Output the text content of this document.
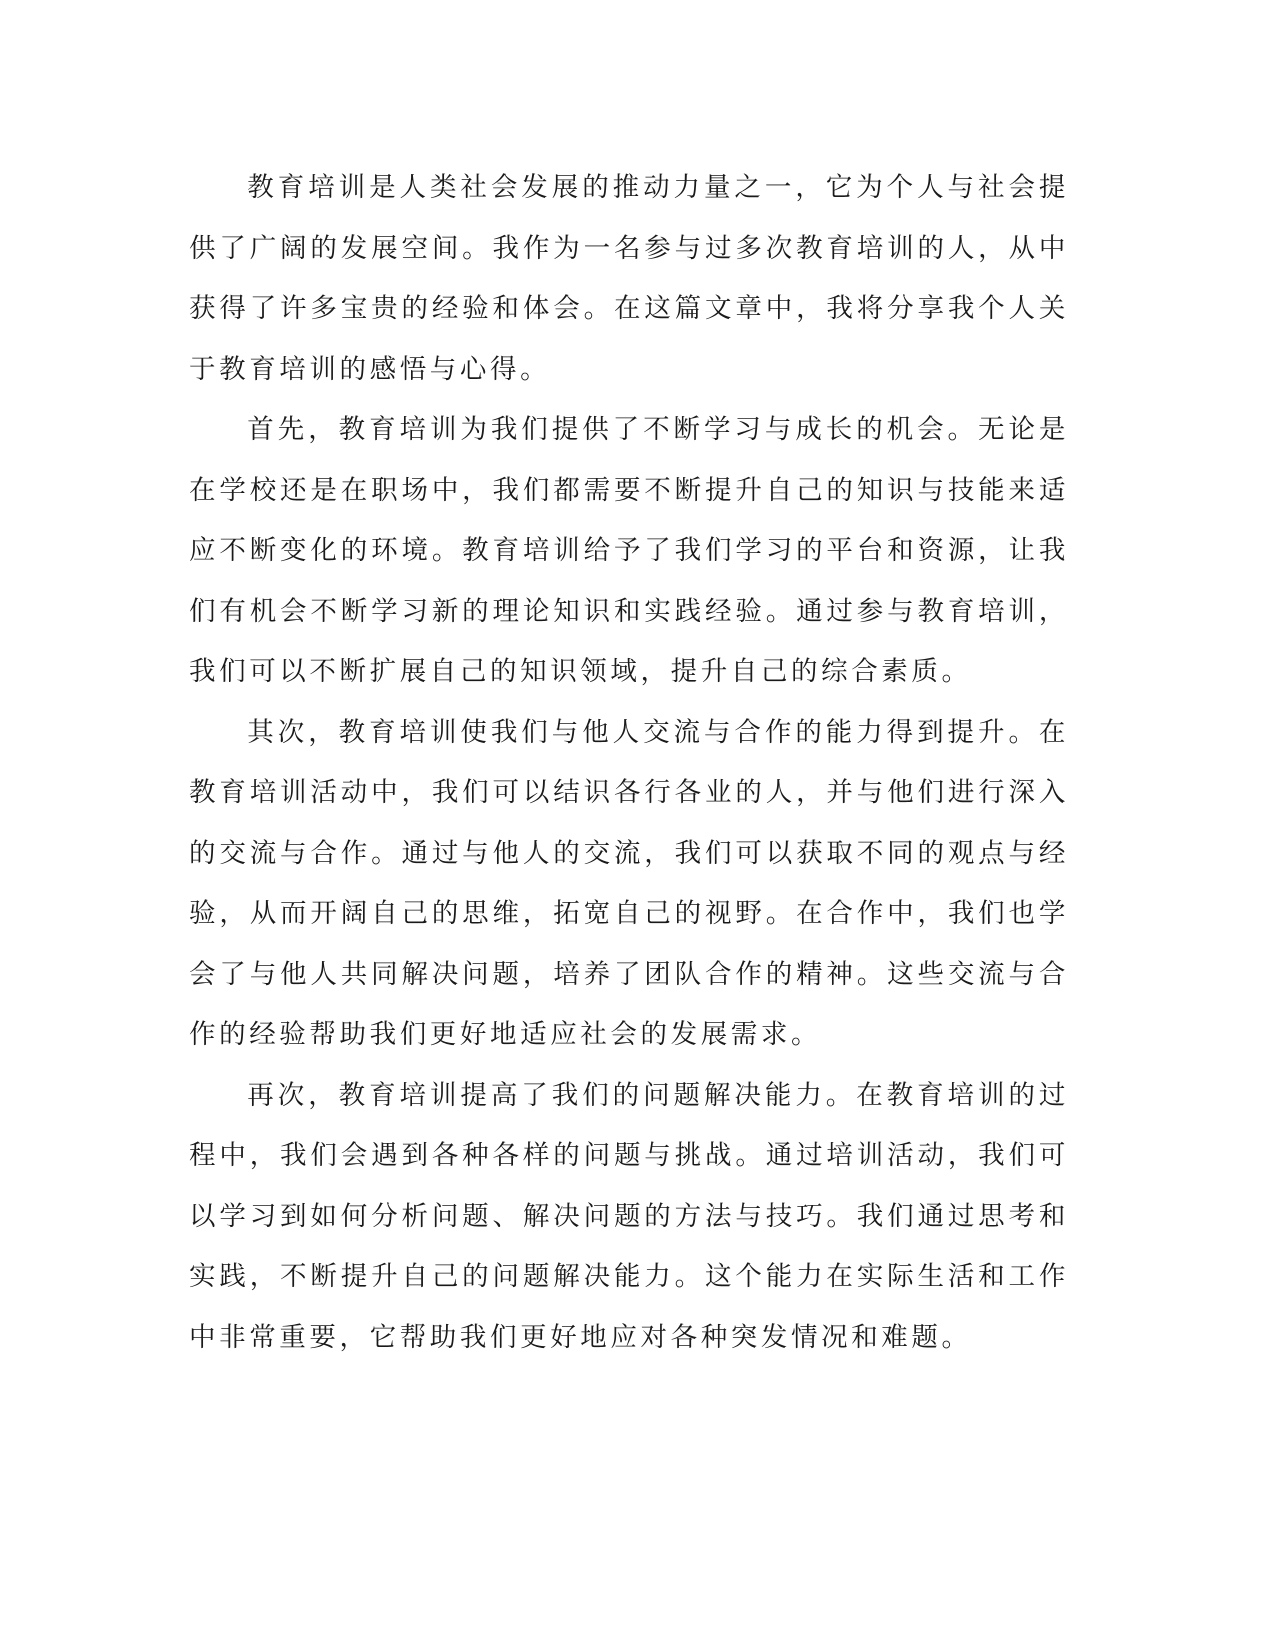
教育培训是人类社会发展的推动力量之一，它为个人与社会提供了广阔的发展空间。我作为一名参与过多次教育培训的人，从中获得了许多宝贵的经验和体会。在这篇文章中，我将分享我个人关于教育培训的感悟与心得。

首先，教育培训为我们提供了不断学习与成长的机会。无论是在学校还是在职场中，我们都需要不断提升自己的知识与技能来适应不断变化的环境。教育培训给予了我们学习的平台和资源，让我们有机会不断学习新的理论知识和实践经验。通过参与教育培训，我们可以不断扩展自己的知识领域，提升自己的综合素质。

其次，教育培训使我们与他人交流与合作的能力得到提升。在教育培训活动中，我们可以结识各行各业的人，并与他们进行深入的交流与合作。通过与他人的交流，我们可以获取不同的观点与经验，从而开阔自己的思维，拓宽自己的视野。在合作中，我们也学会了与他人共同解决问题，培养了团队合作的精神。这些交流与合作的经验帮助我们更好地适应社会的发展需求。

再次，教育培训提高了我们的问题解决能力。在教育培训的过程中，我们会遇到各种各样的问题与挑战。通过培训活动，我们可以学习到如何分析问题、解决问题的方法与技巧。我们通过思考和实践，不断提升自己的问题解决能力。这个能力在实际生活和工作中非常重要，它帮助我们更好地应对各种突发情况和难题。
